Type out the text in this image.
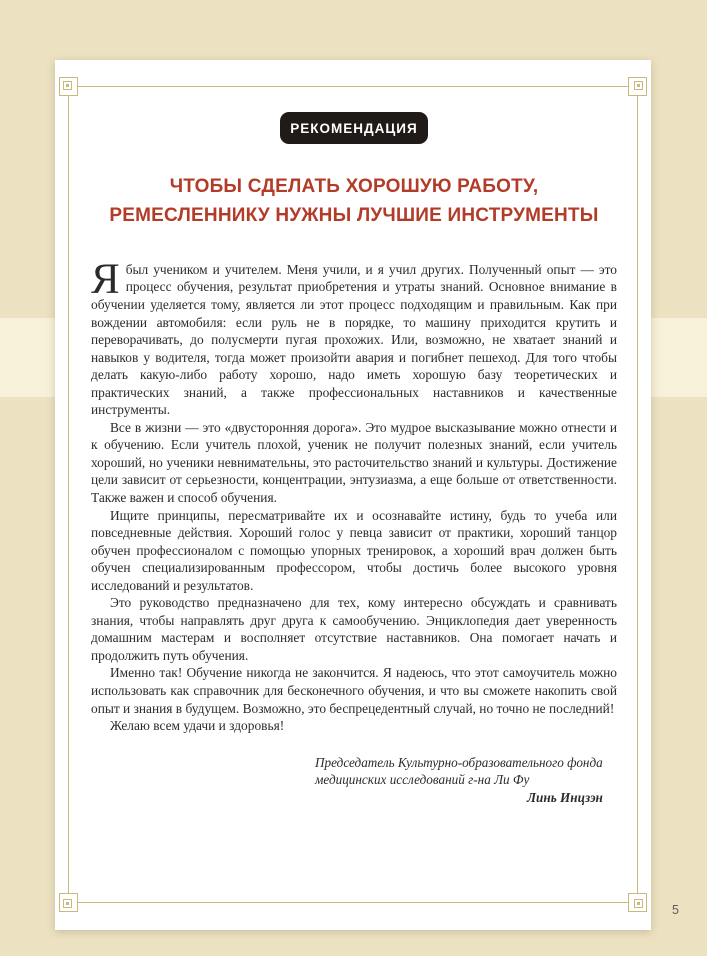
РЕКОМЕНДАЦИЯ
ЧТОБЫ СДЕЛАТЬ ХОРОШУЮ РАБОТУ,
РЕМЕСЛЕННИКУ НУЖНЫ ЛУЧШИЕ ИНСТРУМЕНТЫ

Ябыл учеником и учителем. Меня учили, и я учил других. Полученный опыт — это процесс обучения, результат приобретения и утраты знаний. Основное внимание в обучении уделяется тому, является ли этот процесс подходящим и правильным. Как при вождении автомобиля: если руль не в порядке, то машину приходится крутить и переворачивать, до полусмерти пугая прохожих. Или, возможно, не хватает знаний и навыков у водителя, тогда может произойти авария и погибнет пешеход. Для того чтобы делать какую-либо работу хорошо, надо иметь хорошую базу теоретических и практических знаний, а также профессиональных наставников и качественные инструменты.

Все в жизни — это «двусторонняя дорога». Это мудрое высказывание можно отнести и к обучению. Если учитель плохой, ученик не получит полезных знаний, если учитель хороший, но ученики невнимательны, это расточительство знаний и культуры. Достижение цели зависит от серьезности, концентрации, энтузиазма, а еще больше от ответственности. Также важен и способ обучения.

Ищите принципы, пересматривайте их и осознавайте истину, будь то учеба или повседневные действия. Хороший голос у певца зависит от практики, хороший танцор обучен профессионалом с помощью упорных тренировок, а хороший врач должен быть обучен специализированным профессором, чтобы достичь более высокого уровня исследований и результатов.

Это руководство предназначено для тех, кому интересно обсуждать и сравнивать знания, чтобы направлять друг друга к самообучению. Энциклопедия дает уверенность домашним мастерам и восполняет отсутствие наставников. Она помогает начать и продолжить путь обучения.

Именно так! Обучение никогда не закончится. Я надеюсь, что этот самоучитель можно использовать как справочник для бесконечного обучения, и что вы сможете накопить свой опыт и знания в будущем. Возможно, это беспрецедентный случай, но точно не последний!

Желаю всем удачи и здоровья!

Председатель Культурно-образовательного фонда
медицинских исследований г-на Ли Фу
Линь Инцзэн
5
